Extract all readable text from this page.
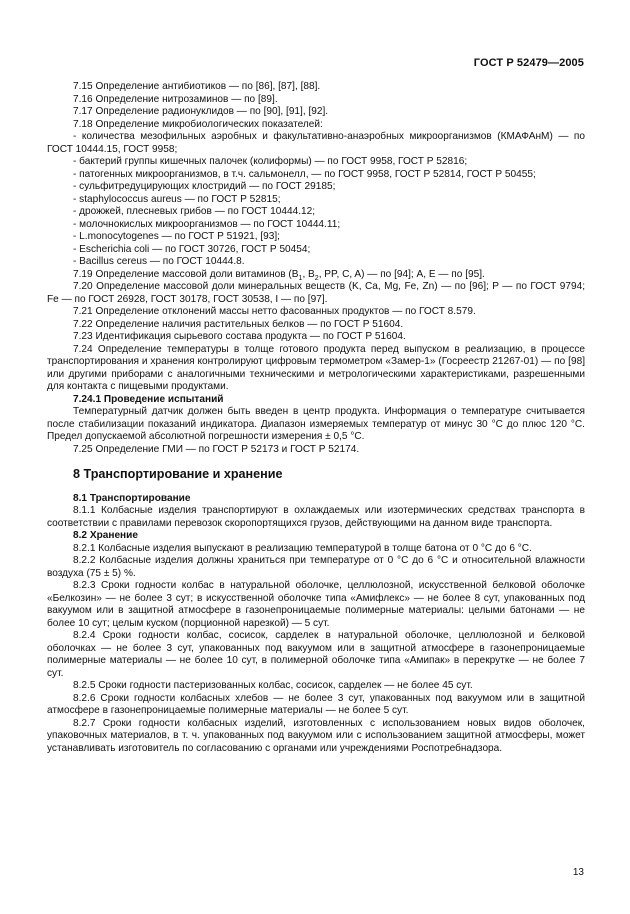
ГОСТ Р 52479—2005

7.15 Определение антибиотиков — по [86], [87], [88].

7.16 Определение нитрозаминов — по [89].

7.17 Определение радионуклидов — по [90], [91], [92].

7.18 Определение микробиологических показателей:

- количества мезофильных аэробных и факультативно-анаэробных микроорганизмов (КМАФАнМ) — по ГОСТ 10444.15, ГОСТ 9958;

- бактерий группы кишечных палочек (колиформы) — по ГОСТ 9958, ГОСТ Р 52816;

- патогенных микроорганизмов, в т.ч. сальмонелл, — по ГОСТ 9958, ГОСТ Р 52814, ГОСТ Р 50455;

- сульфитредуцирующих клостридий — по ГОСТ 29185;

- staphylococcus aureus — по ГОСТ Р 52815;

- дрожжей, плесневых грибов — по ГОСТ 10444.12;

- молочнокислых микроорганизмов — по ГОСТ 10444.11;

- L.monocytogenes — по ГОСТ Р 51921, [93];

- Escherichia coli — по ГОСТ 30726, ГОСТ Р 50454;

- Bacillus cereus — по ГОСТ 10444.8.

7.19 Определение массовой доли витаминов ($B_1$, $B_2$, PP, C, A) — по [94]; A, E — по [95].

7.20 Определение массовой доли минеральных веществ (K, Ca, Mg, Fe, Zn) — по [96]; P — по ГОСТ 9794; Fe — по ГОСТ 26928, ГОСТ 30178, ГОСТ 30538, I — по [97].

7.21 Определение отклонений массы нетто фасованных продуктов — по ГОСТ 8.579.

7.22 Определение наличия растительных белков — по ГОСТ Р 51604.

7.23 Идентификация сырьевого состава продукта — по ГОСТ Р 51604.

7.24 Определение температуры в толще готового продукта перед выпуском в реализацию, в процессе транспортирования и хранения контролируют цифровым термометром «Замер-1» (Госреестр 21267-01) — по [98] или другими приборами с аналогичными техническими и метрологическими характеристиками, разрешенными для контакта с пищевыми продуктами.

7.24.1 Проведение испытаний

Температурный датчик должен быть введен в центр продукта. Информация о температуре считывается после стабилизации показаний индикатора. Диапазон измеряемых температур от минус 30 °С до плюс 120 °С. Предел допускаемой абсолютной погрешности измерения ± 0,5 °С.

7.25 Определение ГМИ — по ГОСТ Р 52173 и ГОСТ Р 52174.

8 Транспортирование и хранение

8.1 Транспортирование

8.1.1 Колбасные изделия транспортируют в охлаждаемых или изотермических средствах транспорта в соответствии с правилами перевозок скоропортящихся грузов, действующими на данном виде транспорта.

8.2 Хранение

8.2.1 Колбасные изделия выпускают в реализацию температурой в толще батона от 0 °С до 6 °С.

8.2.2 Колбасные изделия должны храниться при температуре от 0 °С до 6 °С и относительной влажности воздуха (75 ± 5) %.

8.2.3 Сроки годности колбас в натуральной оболочке, целлюлозной, искусственной белковой оболочке «Белкозин» — не более 3 сут; в искусственной оболочке типа «Амифлекс» — не более 8 сут, упакованных под вакуумом или в защитной атмосфере в газонепроницаемые полимерные материалы: целыми батонами — не более 10 сут; целым куском (порционной нарезкой) — 5 сут.

8.2.4 Сроки годности колбас, сосисок, сарделек в натуральной оболочке, целлюлозной и белковой оболочках — не более 3 сут, упакованных под вакуумом или в защитной атмосфере в газонепроницаемые полимерные материалы — не более 10 сут, в полимерной оболочке типа «Амипак» в перекрутке — не более 7 сут.

8.2.5 Сроки годности пастеризованных колбас, сосисок, сарделек — не более 45 сут.

8.2.6 Сроки годности колбасных хлебов — не более 3 сут, упакованных под вакуумом или в защитной атмосфере в газонепроницаемые полимерные материалы — не более 5 сут.

8.2.7 Сроки годности колбасных изделий, изготовленных с использованием новых видов оболочек, упаковочных материалов, в т. ч. упакованных под вакуумом или с использованием защитной атмосферы, может устанавливать изготовитель по согласованию с органами или учреждениями Роспотребнадзора.

13
